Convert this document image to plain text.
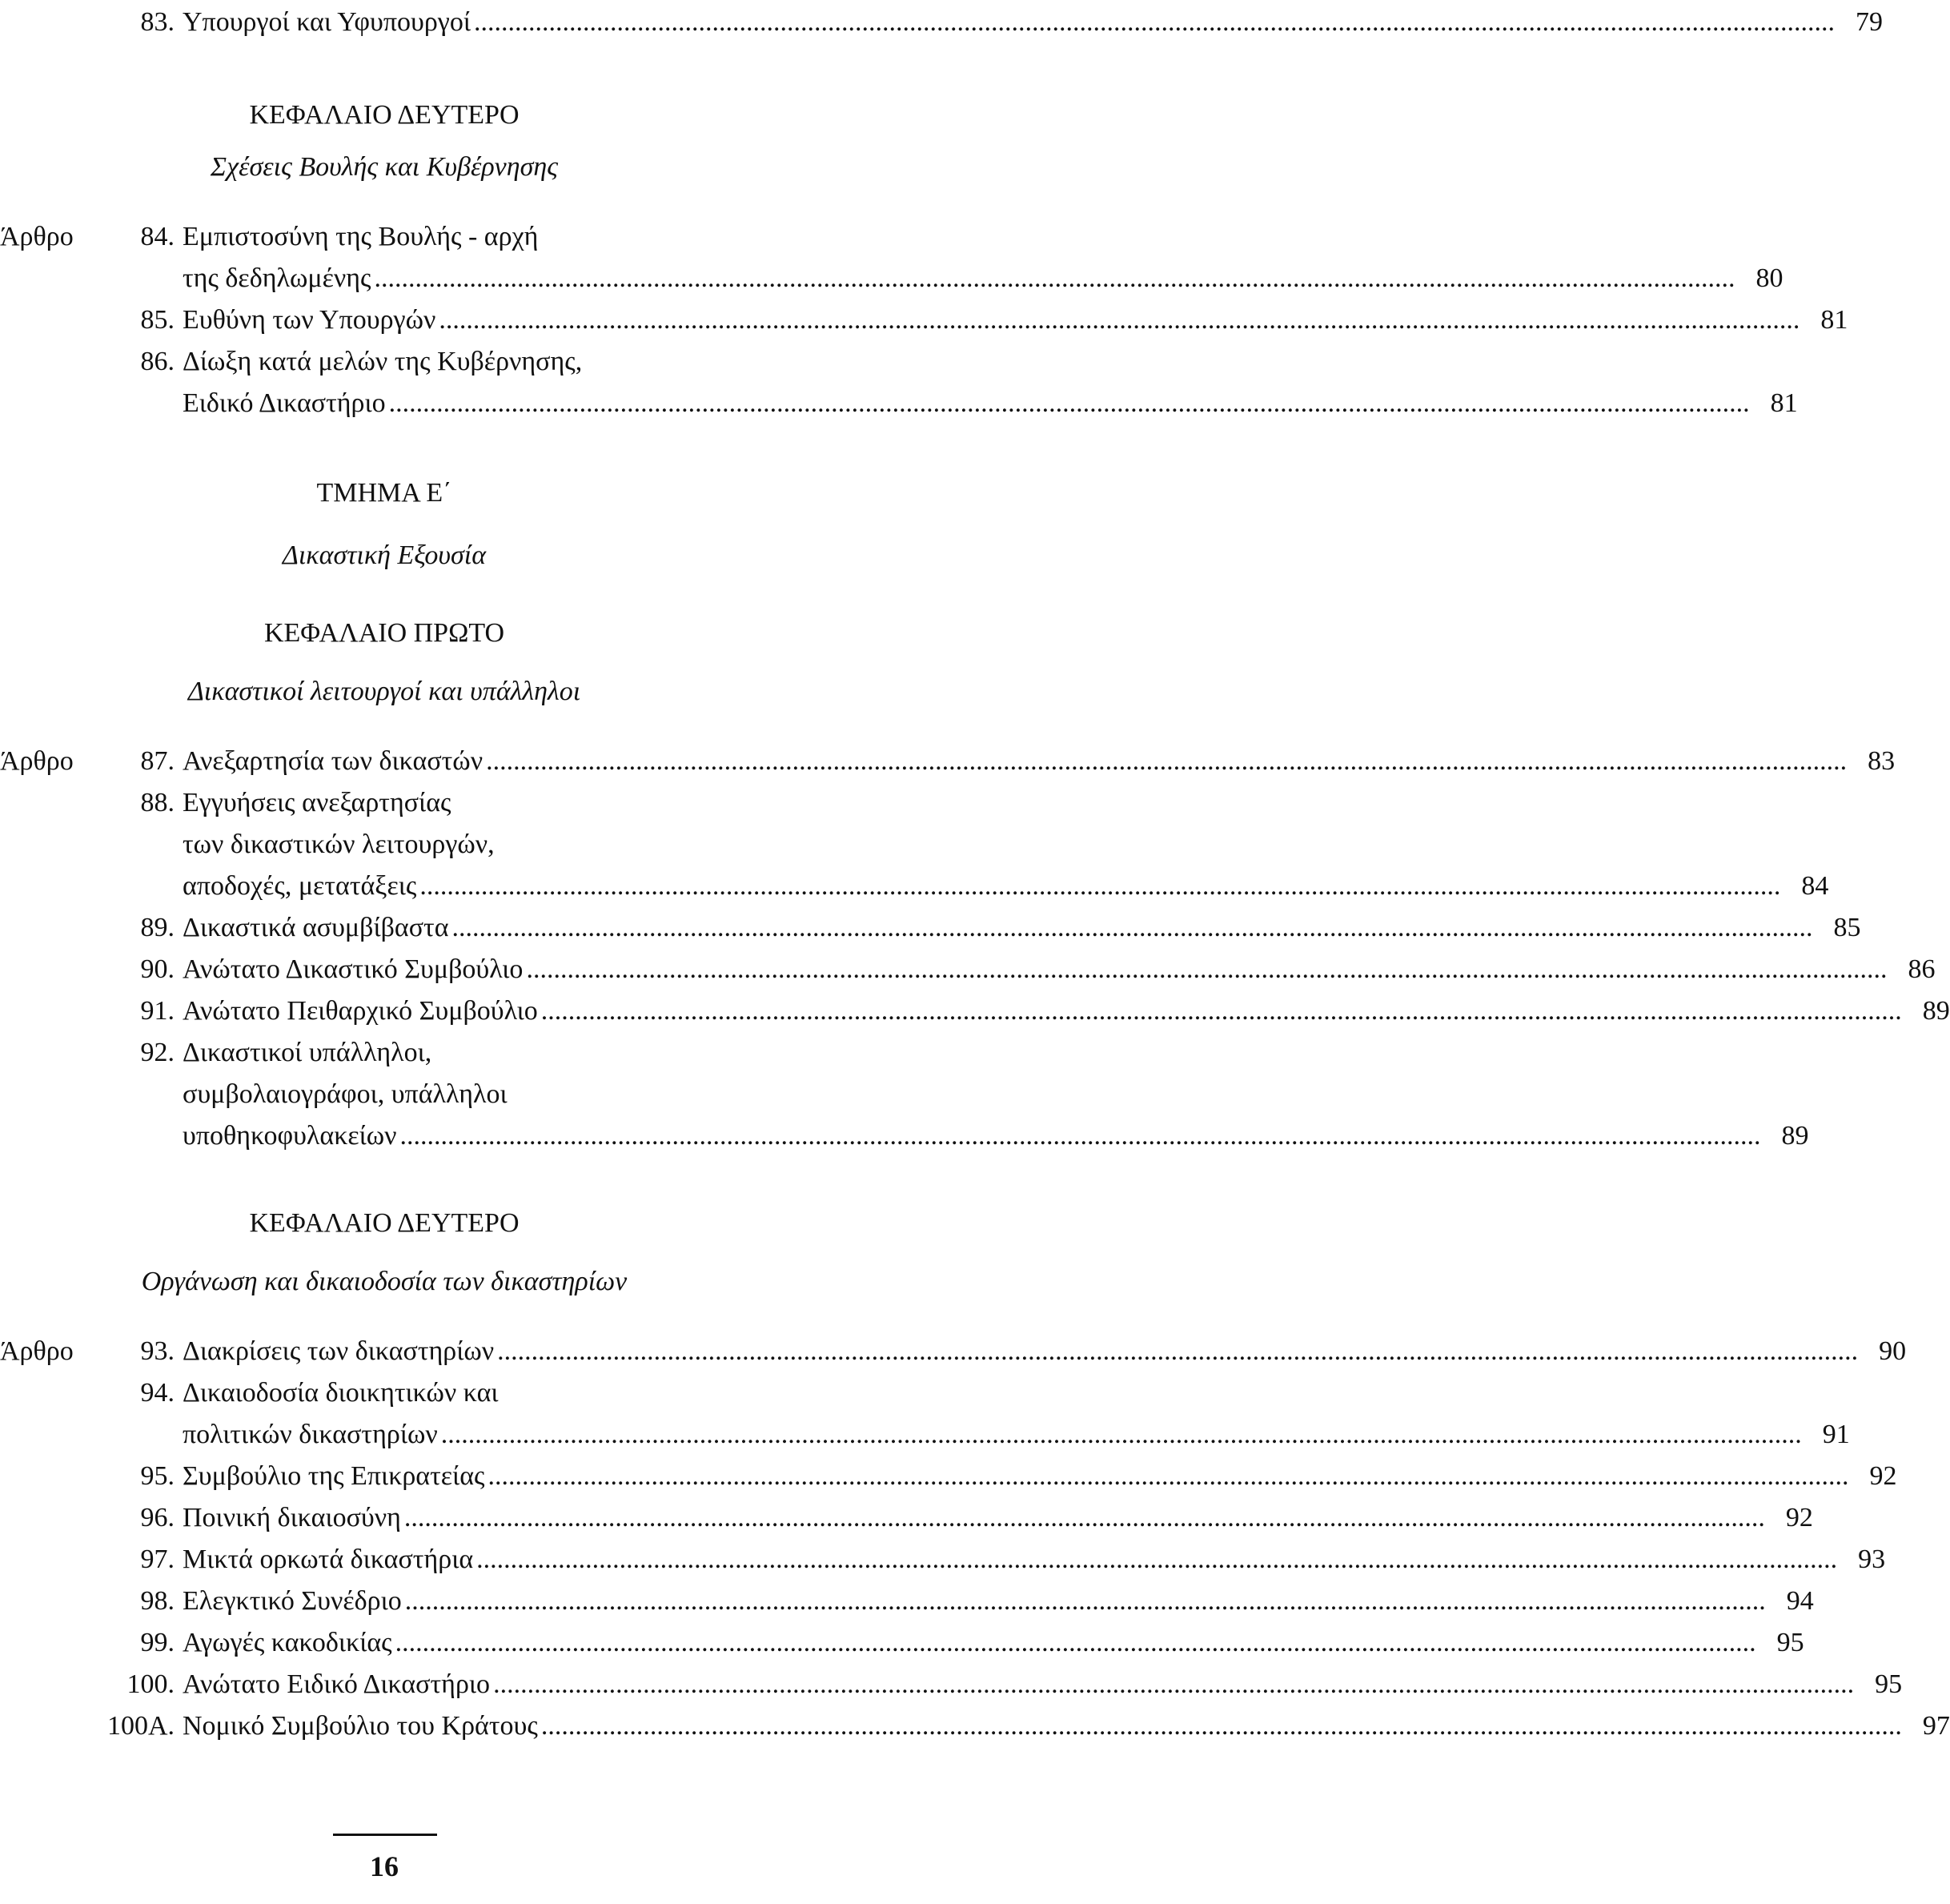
83. Υπουργοί και Υφυπουργοί ........................................................................................................................................................................................................ 79
ΚΕΦΑΛΑΙΟ ΔΕΥΤΕΡΟ
Σχέσεις Βουλής και Κυβέρνησης
Άρθρο 84. Εμπιστοσύνη της Βουλής - αρχή
της δεδηλωμένης ........................................................................................................................................................................................................ 80
85. Ευθύνη των Υπουργών ........................................................................................................................................................................................................ 81
86. Δίωξη κατά μελών της Κυβέρνησης,
Ειδικό Δικαστήριο ........................................................................................................................................................................................................ 81
ΤΜΗΜΑ Ε΄
Δικαστική Εξουσία
ΚΕΦΑΛΑΙΟ ΠΡΩΤΟ
Δικαστικοί λειτουργοί και υπάλληλοι
Άρθρο 87. Ανεξαρτησία των δικαστών ........................................................................................................................................................................................................ 83
88. Εγγυήσεις ανεξαρτησίας
των δικαστικών λειτουργών,
αποδοχές, μετατάξεις ........................................................................................................................................................................................................ 84
89. Δικαστικά ασυμβίβαστα ........................................................................................................................................................................................................ 85
90. Ανώτατο Δικαστικό Συμβούλιο ........................................................................................................................................................................................................ 86
91. Ανώτατο Πειθαρχικό Συμβούλιο ........................................................................................................................................................................................................ 89
92. Δικαστικοί υπάλληλοι,
συμβολαιογράφοι, υπάλληλοι
υποθηκοφυλακείων ........................................................................................................................................................................................................ 89
ΚΕΦΑΛΑΙΟ ΔΕΥΤΕΡΟ
Οργάνωση και δικαιοδοσία των δικαστηρίων
Άρθρο 93. Διακρίσεις των δικαστηρίων ........................................................................................................................................................................................................ 90
94. Δικαιοδοσία διοικητικών και
πολιτικών δικαστηρίων ........................................................................................................................................................................................................ 91
95. Συμβούλιο της Επικρατείας ........................................................................................................................................................................................................ 92
96. Ποινική δικαιοσύνη ........................................................................................................................................................................................................ 92
97. Μικτά ορκωτά δικαστήρια ........................................................................................................................................................................................................ 93
98. Ελεγκτικό Συνέδριο ........................................................................................................................................................................................................ 94
99. Αγωγές κακοδικίας ........................................................................................................................................................................................................ 95
100. Ανώτατο Ειδικό Δικαστήριο ........................................................................................................................................................................................................ 95
100Α. Νομικό Συμβούλιο του Κράτους ........................................................................................................................................................................................................ 97
16
